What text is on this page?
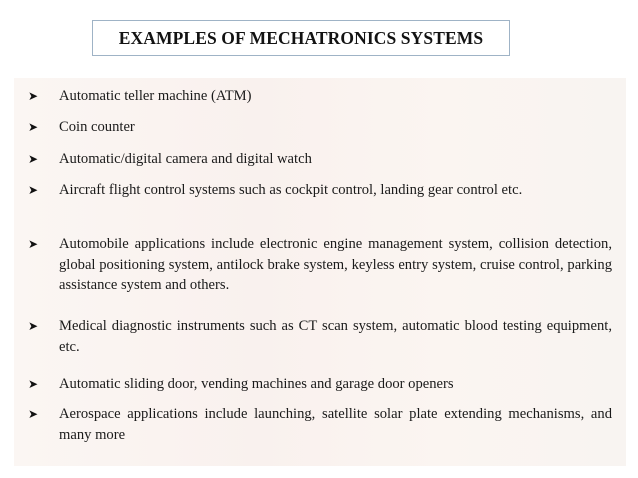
EXAMPLES OF MECHATRONICS SYSTEMS
➤ Automatic teller machine (ATM)
➤ Coin counter
➤ Automatic/digital camera and digital watch
➤ Aircraft flight control systems such as cockpit control, landing gear control etc.
➤ Automobile applications include electronic engine management system, collision detection, global positioning system, antilock brake system, keyless entry system, cruise control, parking assistance system and others.
➤ Medical diagnostic instruments such as CT scan system, automatic blood testing equipment, etc.
➤ Automatic sliding door, vending machines and garage door openers
➤ Aerospace applications include launching, satellite solar plate extending mechanisms, and many more
